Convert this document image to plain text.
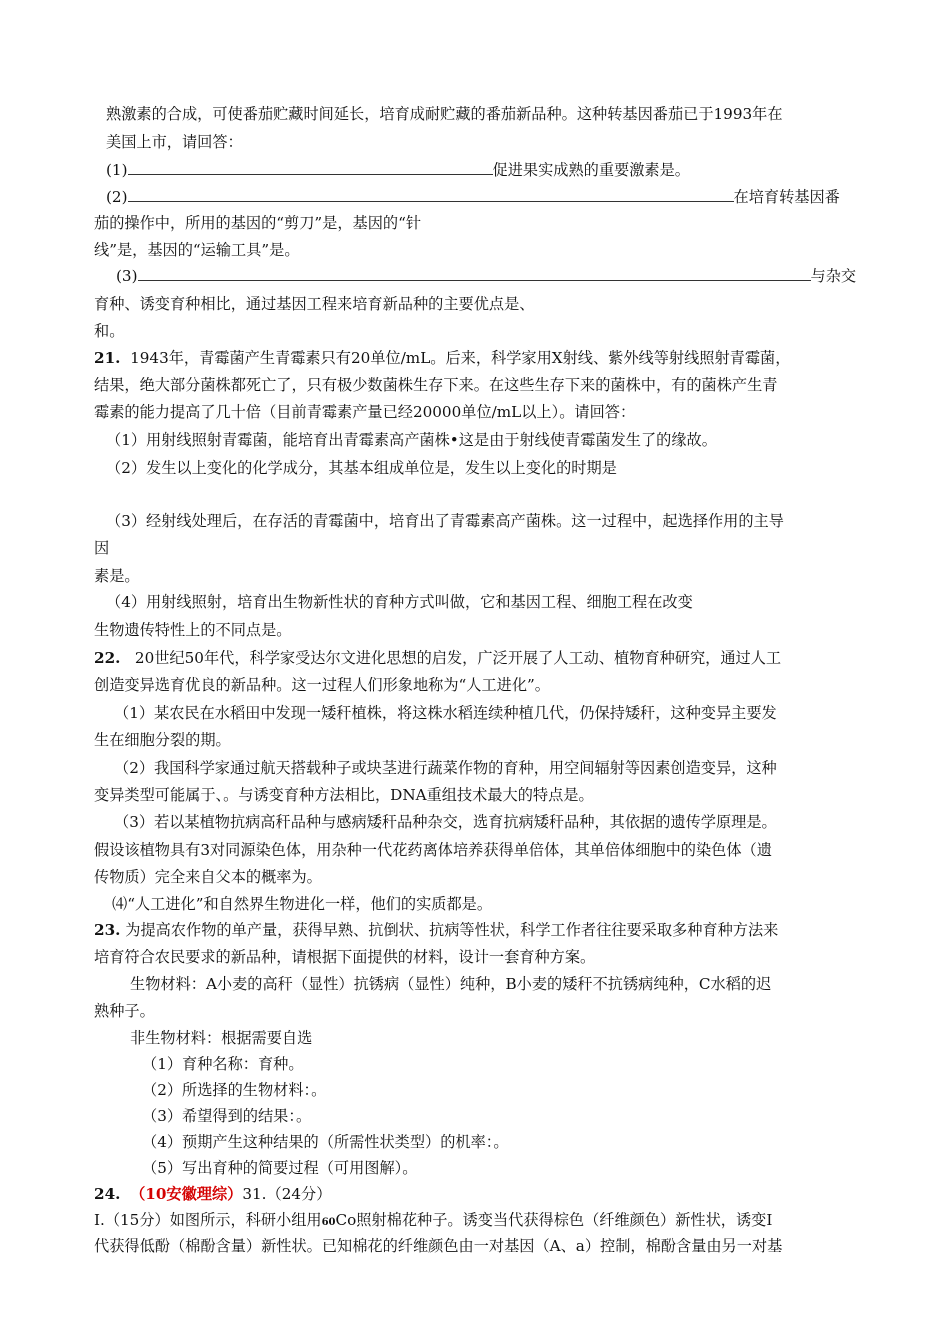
熟激素的合成，可使番茄贮藏时间延长，培育成耐贮藏的番茄新品种。这种转基因番茄已于1993年在
美国上市，请回答：
(1)	促进果实成熟的重要激素是。
(2)	在培育转基因番
茄的操作中，所用的基因的“剪刀”是，基因的“针
线”是，基因的“运输工具”是。
(3)	与杂交
育种、诱变育种相比，通过基因工程来培育新品种的主要优点是、
和。
21. 1943年，青霉菌产生青霉素只有20单位/mL。后来，科学家用X射线、紫外线等射线照射青霉菌，
结果，绝大部分菌株都死亡了，只有极少数菌株生存下来。在这些生存下来的菌株中，有的菌株产生青
霉素的能力提高了几十倍（目前青霉素产量已经20000单位/mL以上）。请回答：
（1）用射线照射青霉菌，能培育出青霉素高产菌株•这是由于射线使青霉菌发生了的缘故。
（2）发生以上变化的化学成分，其基本组成单位是，发生以上变化的时期是
（3）经射线处理后，在存活的青霉菌中，培育出了青霉素高产菌株。这一过程中，起选择作用的主导
因
素是。
（4）用射线照射，培育出生物新性状的育种方式叫做，它和基因工程、细胞工程在改变
生物遗传特性上的不同点是。
22. 20世纪50年代，科学家受达尔文进化思想的启发，广泛开展了人工动、植物育种研究，通过人工
创造变异选育优良的新品种。这一过程人们形象地称为“人工进化”。
（1）某农民在水稻田中发现一矮秆植株，将这株水稻连续种植几代，仍保持矮秆，这种变异主要发
生在细胞分裂的期。
（2）我国科学家通过航天搭载种子或块茎进行蔬菜作物的育种，用空间辐射等因素创造变异，这种
变异类型可能属于、。与诱变育种方法相比，DNA重组技术最大的特点是。
（3）若以某植物抗病高秆品种与感病矮秆品种杂交，选育抗病矮秆品种，其依据的遗传学原理是。
假设该植物具有3对同源染色体，用杂种一代花药离体培养获得单倍体，其单倍体细胞中的染色体（遗
传物质）完全来自父本的概率为。
⑷“人工进化”和自然界生物进化一样，他们的实质都是。
23. 为提高农作物的单产量，获得早熟、抗倒状、抗病等性状，科学工作者往往要采取多种育种方法来
培育符合农民要求的新品种，请根据下面提供的材料，设计一套育种方案。
生物材料：A小麦的高秆（显性）抗锈病（显性）纯种，B小麦的矮秆不抗锈病纯种，C水稻的迟
熟种子。
非生物材料：根据需要自选
（1）育种名称：育种。
（2）所选择的生物材料：。
（3）希望得到的结果：。
（4）预期产生这种结果的（所需性状类型）的机率：。
（5）写出育种的简要过程（可用图解）。
24. （10安徽理综）31.（24分）
I.（15分）如图所示，科研小组用60Co照射棉花种子。诱变当代获得棕色（纤维颜色）新性状，诱变I
代获得低酚（棉酚含量）新性状。已知棉花的纤维颜色由一对基因（A、a）控制，棉酚含量由另一对基
